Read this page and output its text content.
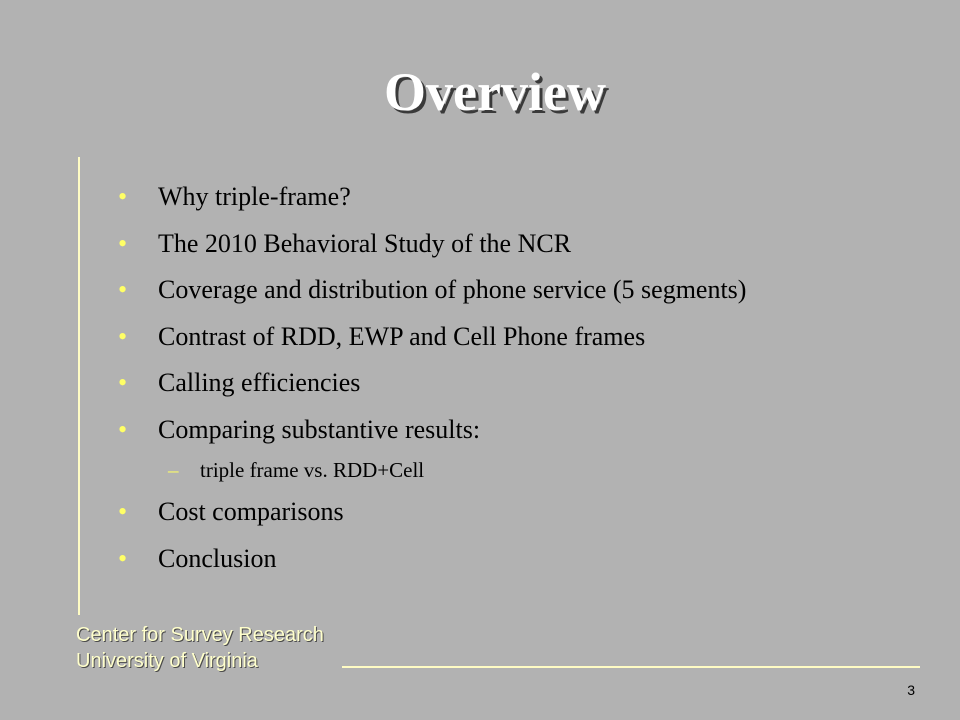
Overview
• Why triple-frame?
• The 2010 Behavioral Study of the NCR
• Coverage and distribution of phone service (5 segments)
• Contrast of RDD, EWP and Cell Phone frames
• Calling efficiencies
• Comparing substantive results:
– triple frame vs. RDD+Cell
• Cost comparisons
• Conclusion
Center for Survey Research
University of Virginia
3
